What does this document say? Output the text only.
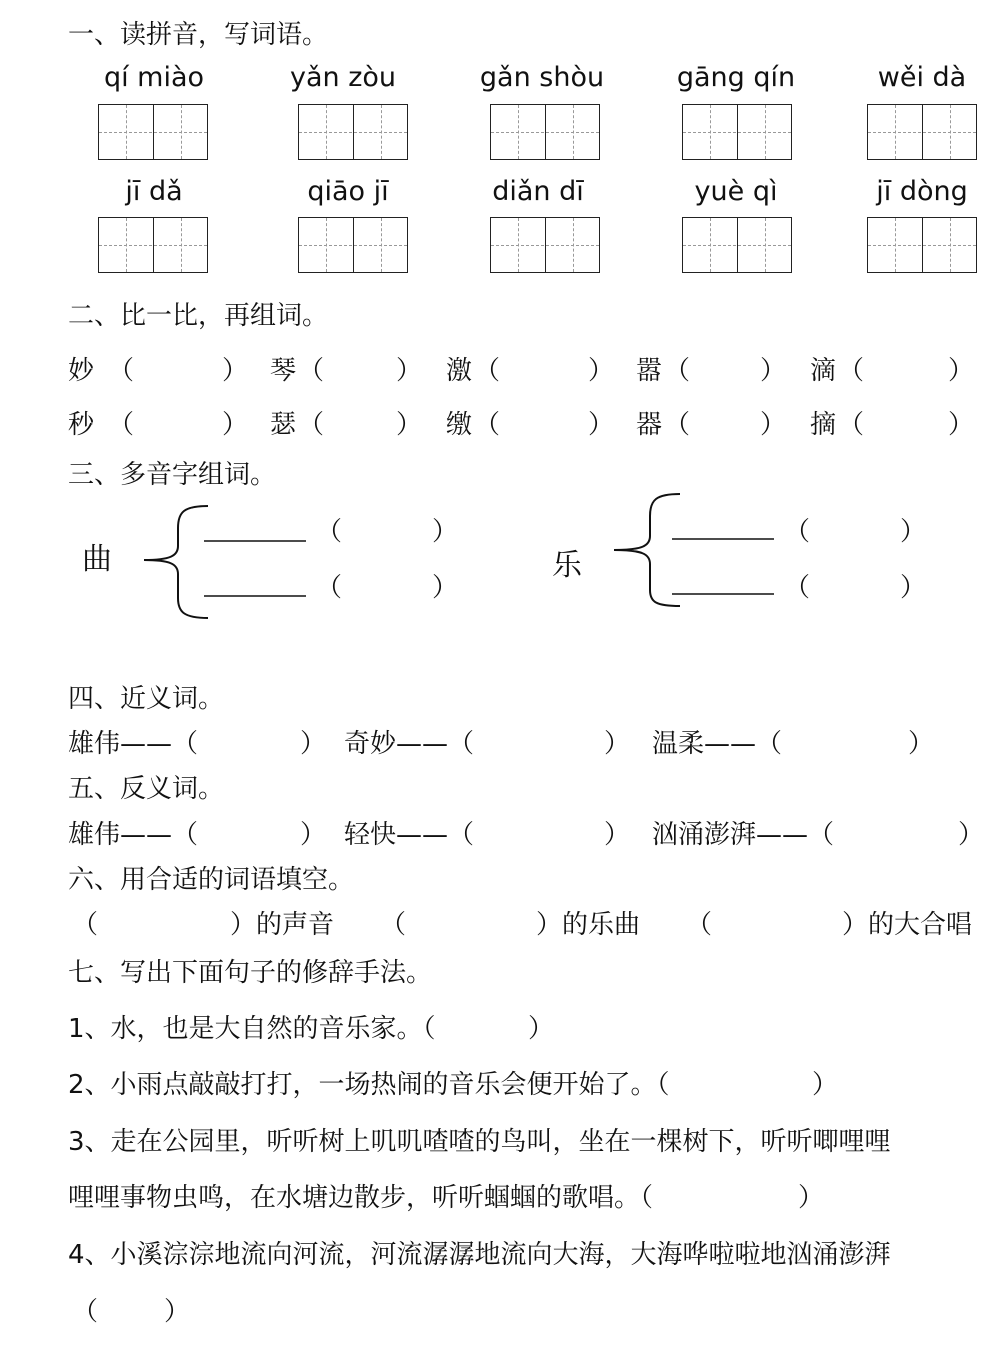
一、读拼音，写词语。
qí miào	yǎn zòu	gǎn shòu	gāng qín	wěi dà
jī dǎ	qiāo jī	diǎn dī	yuè qì	jī dòng
二、比一比，再组词。
妙 （	） 琴 （	） 激 （	） 嚣 （	） 滴 （	）
秒 （	） 瑟 （	） 缴 （	） 器 （	） 摘 （	）
三、多音字组词。
曲	乐
（	）
（	）
（	）
（	）
四、近义词。
雄伟——（	） 奇妙——（	） 温柔——（	）
五、反义词。
雄伟——（	） 轻快——（	） 汹涌澎湃——（	）
六、用合适的词语填空。
（	）的声音 （	）的乐曲 （	）的大合唱
七、写出下面句子的修辞手法。
1、水，也是大自然的音乐家。（	）
2、小雨点敲敲打打，一场热闹的音乐会便开始了。（	）
3、走在公园里，听听树上叽叽喳喳的鸟叫，坐在一棵树下，听听唧哩哩
哩哩事物虫鸣，在水塘边散步，听听蝈蝈的歌唱。（	）
4、小溪淙淙地流向河流，河流潺潺地流向大海，大海哗啦啦地汹涌澎湃
（	）
